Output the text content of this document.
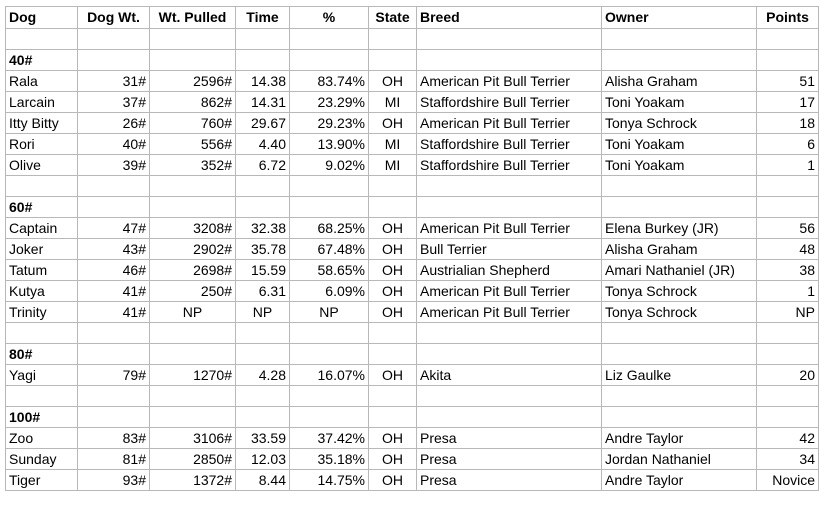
Dog	Dog Wt.	Wt. Pulled	Time	%	State	Breed	Owner	Points

40#								
Rala	31#	2596#	14.38	83.74%	OH	American Pit Bull Terrier	Alisha Graham	51
Larcain	37#	862#	14.31	23.29%	MI	Staffordshire Bull Terrier	Toni Yoakam	17
Itty Bitty	26#	760#	29.67	29.23%	OH	American Pit Bull Terrier	Tonya Schrock	18
Rori	40#	556#	4.40	13.90%	MI	Staffordshire Bull Terrier	Toni Yoakam	6
Olive	39#	352#	6.72	9.02%	MI	Staffordshire Bull Terrier	Toni Yoakam	1

60#								
Captain	47#	3208#	32.38	68.25%	OH	American Pit Bull Terrier	Elena Burkey (JR)	56
Joker	43#	2902#	35.78	67.48%	OH	Bull Terrier	Alisha Graham	48
Tatum	46#	2698#	15.59	58.65%	OH	Austrialian Shepherd	Amari Nathaniel (JR)	38
Kutya	41#	250#	6.31	6.09%	OH	American Pit Bull Terrier	Tonya Schrock	1
Trinity	41#	NP	NP	NP	OH	American Pit Bull Terrier	Tonya Schrock	NP

80#								
Yagi	79#	1270#	4.28	16.07%	OH	Akita	Liz Gaulke	20

100#								
Zoo	83#	3106#	33.59	37.42%	OH	Presa	Andre Taylor	42
Sunday	81#	2850#	12.03	35.18%	OH	Presa	Jordan Nathaniel	34
Tiger	93#	1372#	8.44	14.75%	OH	Presa	Andre Taylor	Novice
